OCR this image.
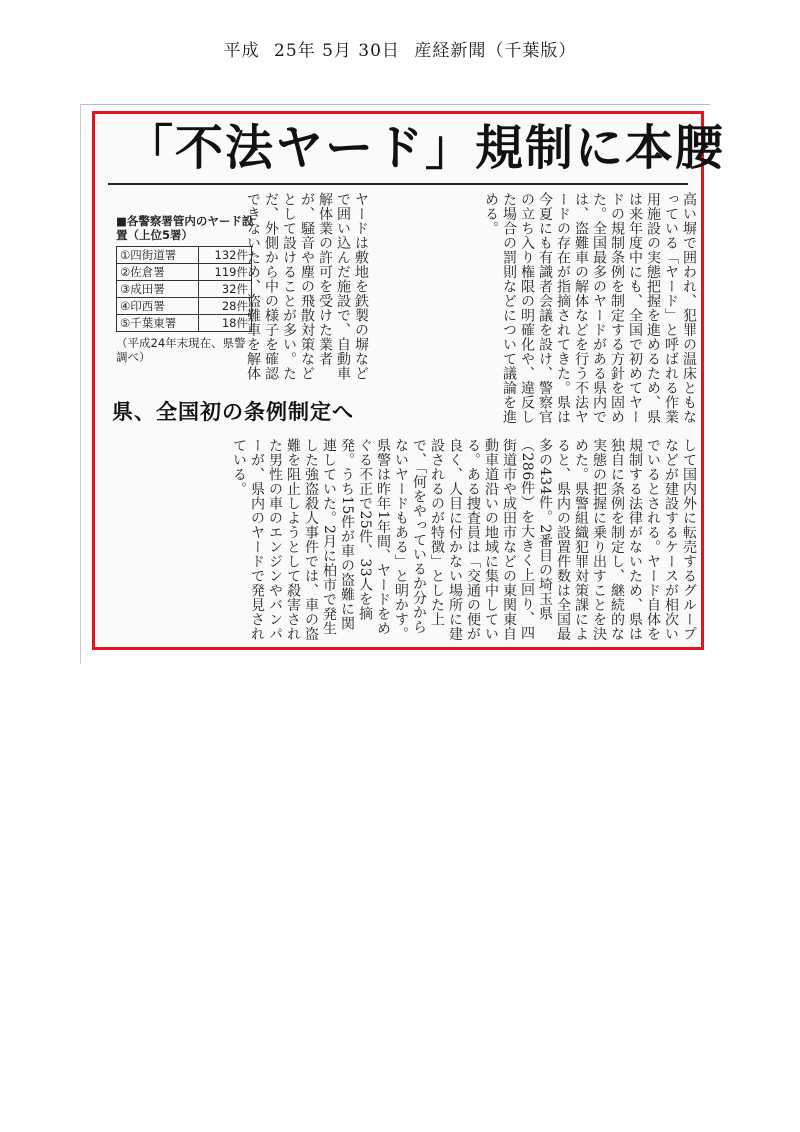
平成 25年 5月 30日 産経新聞（千葉版）
「不法ヤード」規制に本腰
高い塀で囲われ、犯罪の温床ともなっている「ヤード」と呼ばれる作業用施設の実態把握を進めるため、県は来年度中にも、全国で初めてヤードの規制条例を制定する方針を固めた。全国最多のヤードがある県内では、盗難車の解体などを行う不法ヤードの存在が指摘されてきた。県は今夏にも有識者会議を設け、警察官の立ち入り権限の明確化や、違反した場合の罰則などについて議論を進める。
ヤードは敷地を鉄製の塀などで囲い込んだ施設で、自動車解体業の許可を受けた業者が、騒音や塵の飛散対策などとして設けることが多い。ただ、外側から中の様子を確認できないため、盗難車を解体
■各警察署管内のヤード設置（上位5署）
①四街道署	132件
②佐倉署	119件
③成田署	32件
④印西署	28件
⑤千葉東署	18件
（平成24年末現在、県警調べ）
県、全国初の条例制定へ
して国内外に転売するグループなどが建設するケースが相次いでいるとされる。ヤード自体を規制する法律がないため、県は独自に条例を制定し、継続的な実態の把握に乗り出すことを決めた。県警組織犯罪対策課によると、県内の設置件数は全国最多の434件。2番目の埼玉県（286件）を大きく上回り、四街道市や成田市などの東関東自動車道沿いの地域に集中している。ある捜査員は「交通の便が良く、人目に付かない場所に建設されるのが特徴」とした上で、「何をやっているか分からないヤードもある」と明かす。県警は昨年1年間、ヤードをめぐる不正で25件、33人を摘発。うち15件が車の盗難に関連していた。2月に柏市で発生した強盗殺人事件では、車の盗難を阻止しようとして殺害された男性の車のエンジンやバンパーが、県内のヤードで発見されている。
